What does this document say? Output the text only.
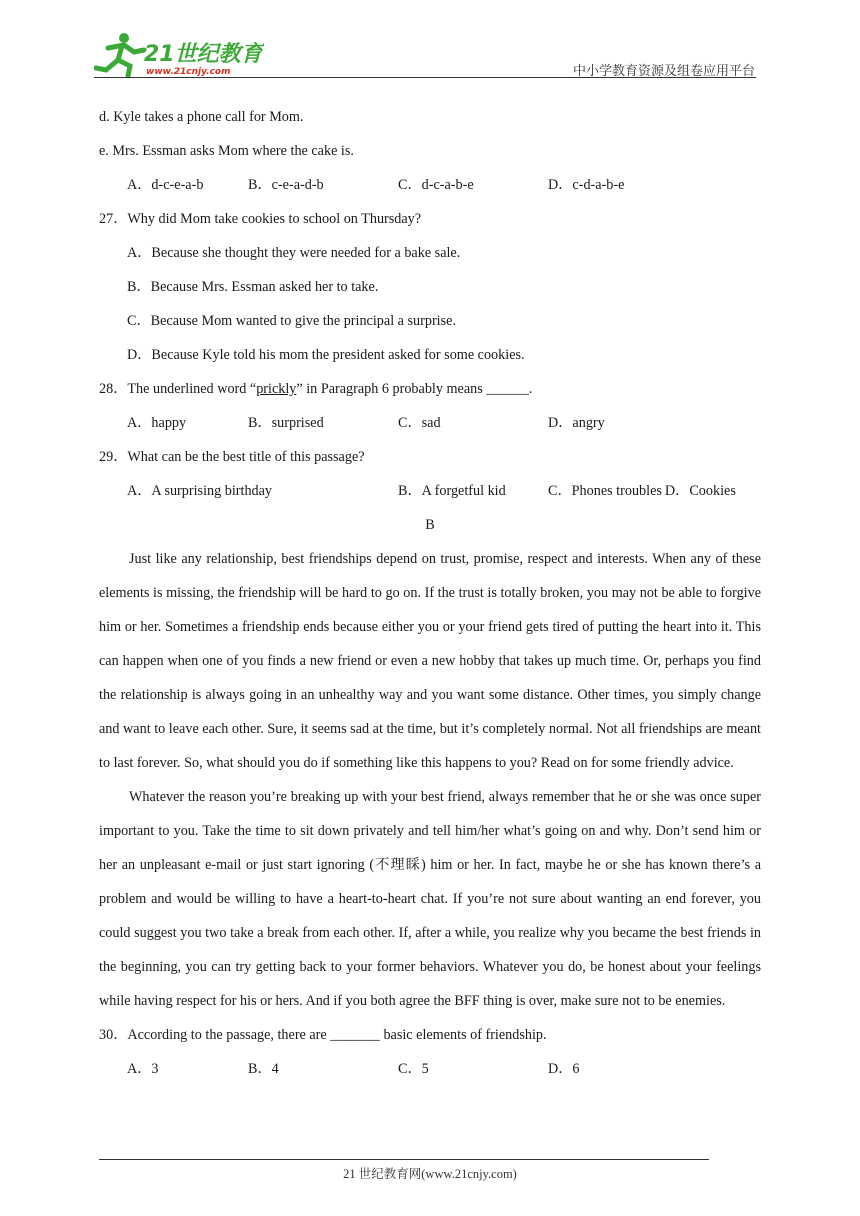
21世纪教育
www.21cnjy.com	中小学教育资源及组卷应用平台
d. Kyle takes a phone call for Mom.
e. Mrs. Essman asks Mom where the cake is.
A．d-c-e-a-b	B．c-e-a-d-b	C．d-c-a-b-e	D．c-d-a-b-e
27．Why did Mom take cookies to school on Thursday?
A．Because she thought they were needed for a bake sale.
B．Because Mrs. Essman asked her to take.
C．Because Mom wanted to give the principal a surprise.
D．Because Kyle told his mom the president asked for some cookies.
28．The underlined word “prickly” in Paragraph 6 probably means ______.
A．happy	B．surprised	C．sad	D．angry
29．What can be the best title of this passage?
A．A surprising birthday	B．A forgetful kid	C．Phones troubles D．Cookies
B

Just like any relationship, best friendships depend on trust, promise, respect and interests. When any of these elements is missing, the friendship will be hard to go on. If the trust is totally broken, you may not be able to forgive him or her. Sometimes a friendship ends because either you or your friend gets tired of putting the heart into it. This can happen when one of you finds a new friend or even a new hobby that takes up much time. Or, perhaps you find the relationship is always going in an unhealthy way and you want some distance. Other times, you simply change and want to leave each other. Sure, it seems sad at the time, but it’s completely normal. Not all friendships are meant to last forever. So, what should you do if something like this happens to you? Read on for some friendly advice.

Whatever the reason you’re breaking up with your best friend, always remember that he or she was once super important to you. Take the time to sit down privately and tell him/her what’s going on and why. Don’t send him or her an unpleasant e-mail or just start ignoring (不理睬) him or her. In fact, maybe he or she has known there’s a problem and would be willing to have a heart-to-heart chat. If you’re not sure about wanting an end forever, you could suggest you two take a break from each other. If, after a while, you realize why you became the best friends in the beginning, you can try getting back to your former behaviors. Whatever you do, be honest about your feelings while having respect for his or hers. And if you both agree the BFF thing is over, make sure not to be enemies.

30．According to the passage, there are _______ basic elements of friendship.
A．3	B．4	C．5	D．6
21 世纪教育网(www.21cnjy.com)
